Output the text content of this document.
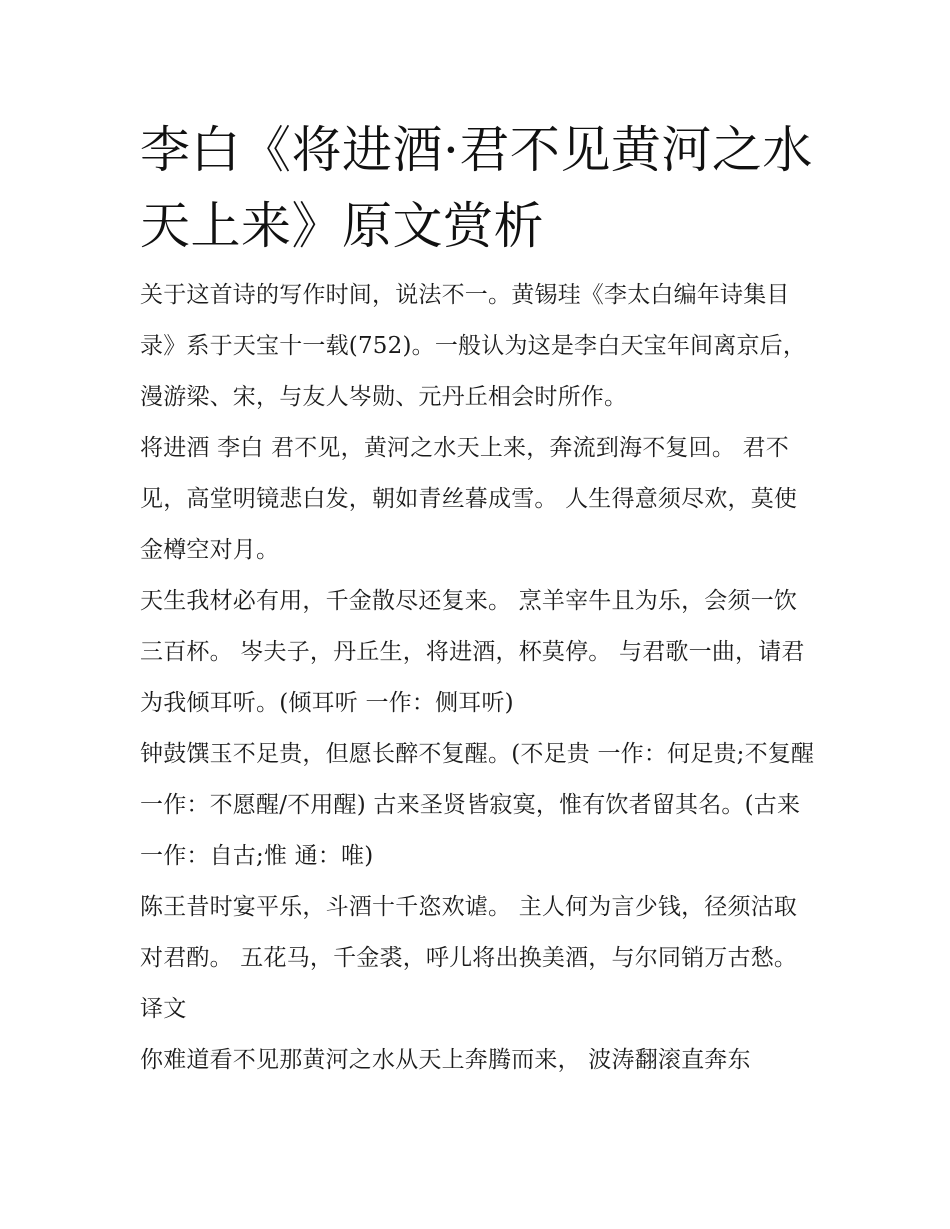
李白《将进酒·君不见黄河之水天上来》原文赏析

关于这首诗的写作时间，说法不一。黄锡珪《李太白编年诗集目录》系于天宝十一载(752)。一般认为这是李白天宝年间离京后，漫游梁、宋，与友人岑勋、元丹丘相会时所作。

将进酒 李白 君不见，黄河之水天上来，奔流到海不复回。 君不见，高堂明镜悲白发，朝如青丝暮成雪。 人生得意须尽欢，莫使金樽空对月。

天生我材必有用，千金散尽还复来。 烹羊宰牛且为乐，会须一饮三百杯。 岑夫子，丹丘生，将进酒，杯莫停。 与君歌一曲，请君为我倾耳听。(倾耳听 一作：侧耳听)

钟鼓馔玉不足贵，但愿长醉不复醒。(不足贵 一作：何足贵;不复醒 一作：不愿醒/不用醒) 古来圣贤皆寂寞，惟有饮者留其名。(古来 一作：自古;惟 通：唯)

陈王昔时宴平乐，斗酒十千恣欢谑。 主人何为言少钱，径须沽取对君酌。 五花马，千金裘，呼儿将出换美酒，与尔同销万古愁。 译文

你难道看不见那黄河之水从天上奔腾而来， 波涛翻滚直奔东
